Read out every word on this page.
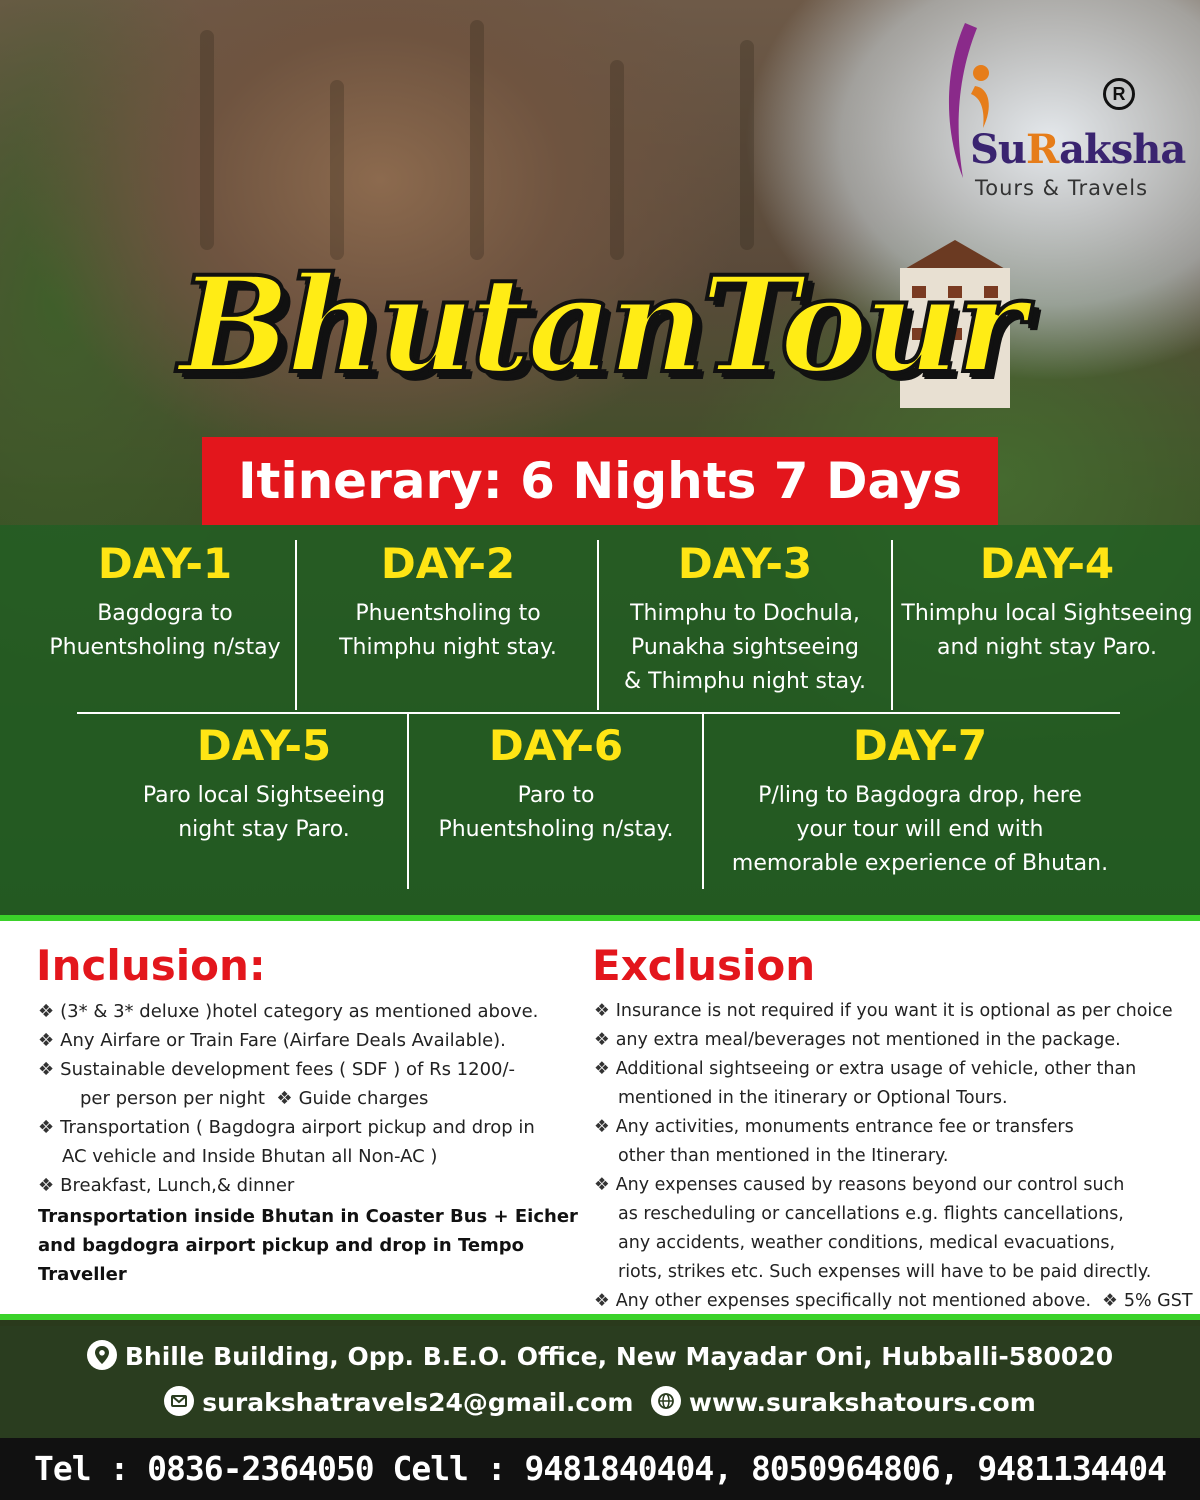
R
SuRaksha
Tours & Travels
BhutanTour
Itinerary: 6 Nights 7 Days
DAY-1
Bagdogra to
Phuentsholing n/stay
DAY-2
Phuentsholing to
Thimphu night stay.
DAY-3
Thimphu to Dochula,
Punakha sightseeing
& Thimphu night stay.
DAY-4
Thimphu local Sightseeing
and night stay Paro.
DAY-5
Paro local Sightseeing
night stay Paro.
DAY-6
Paro to
Phuentsholing n/stay.
DAY-7
P/ling to Bagdogra drop, here
your tour will end with
memorable experience of Bhutan.
Inclusion:
❖ (3* & 3* deluxe )hotel category as mentioned above.
❖ Any Airfare or Train Fare (Airfare Deals Available).
❖ Sustainable development fees ( SDF ) of Rs 1200/-
per person per night ❖ Guide charges
❖ Transportation ( Bagdogra airport pickup and drop in
AC vehicle and Inside Bhutan all Non-AC )
❖ Breakfast, Lunch,& dinner
Transportation inside Bhutan in Coaster Bus + Eicher and bagdogra airport pickup and drop in Tempo Traveller
Exclusion
❖ Insurance is not required if you want it is optional as per choice
❖ any extra meal/beverages not mentioned in the package.
❖ Additional sightseeing or extra usage of vehicle, other than
mentioned in the itinerary or Optional Tours.
❖ Any activities, monuments entrance fee or transfers
other than mentioned in the Itinerary.
❖ Any expenses caused by reasons beyond our control such
as rescheduling or cancellations e.g. flights cancellations,
any accidents, weather conditions, medical evacuations,
riots, strikes etc. Such expenses will have to be paid directly.
❖ Any other expenses specifically not mentioned above. ❖ 5% GST
Bhille Building, Opp. B.E.O. Office, New Mayadar Oni, Hubballi-580020
surakshatravels24@gmail.com www.surakshatours.com
Tel : 0836-2364050 Cell : 9481840404, 8050964806, 9481134404
